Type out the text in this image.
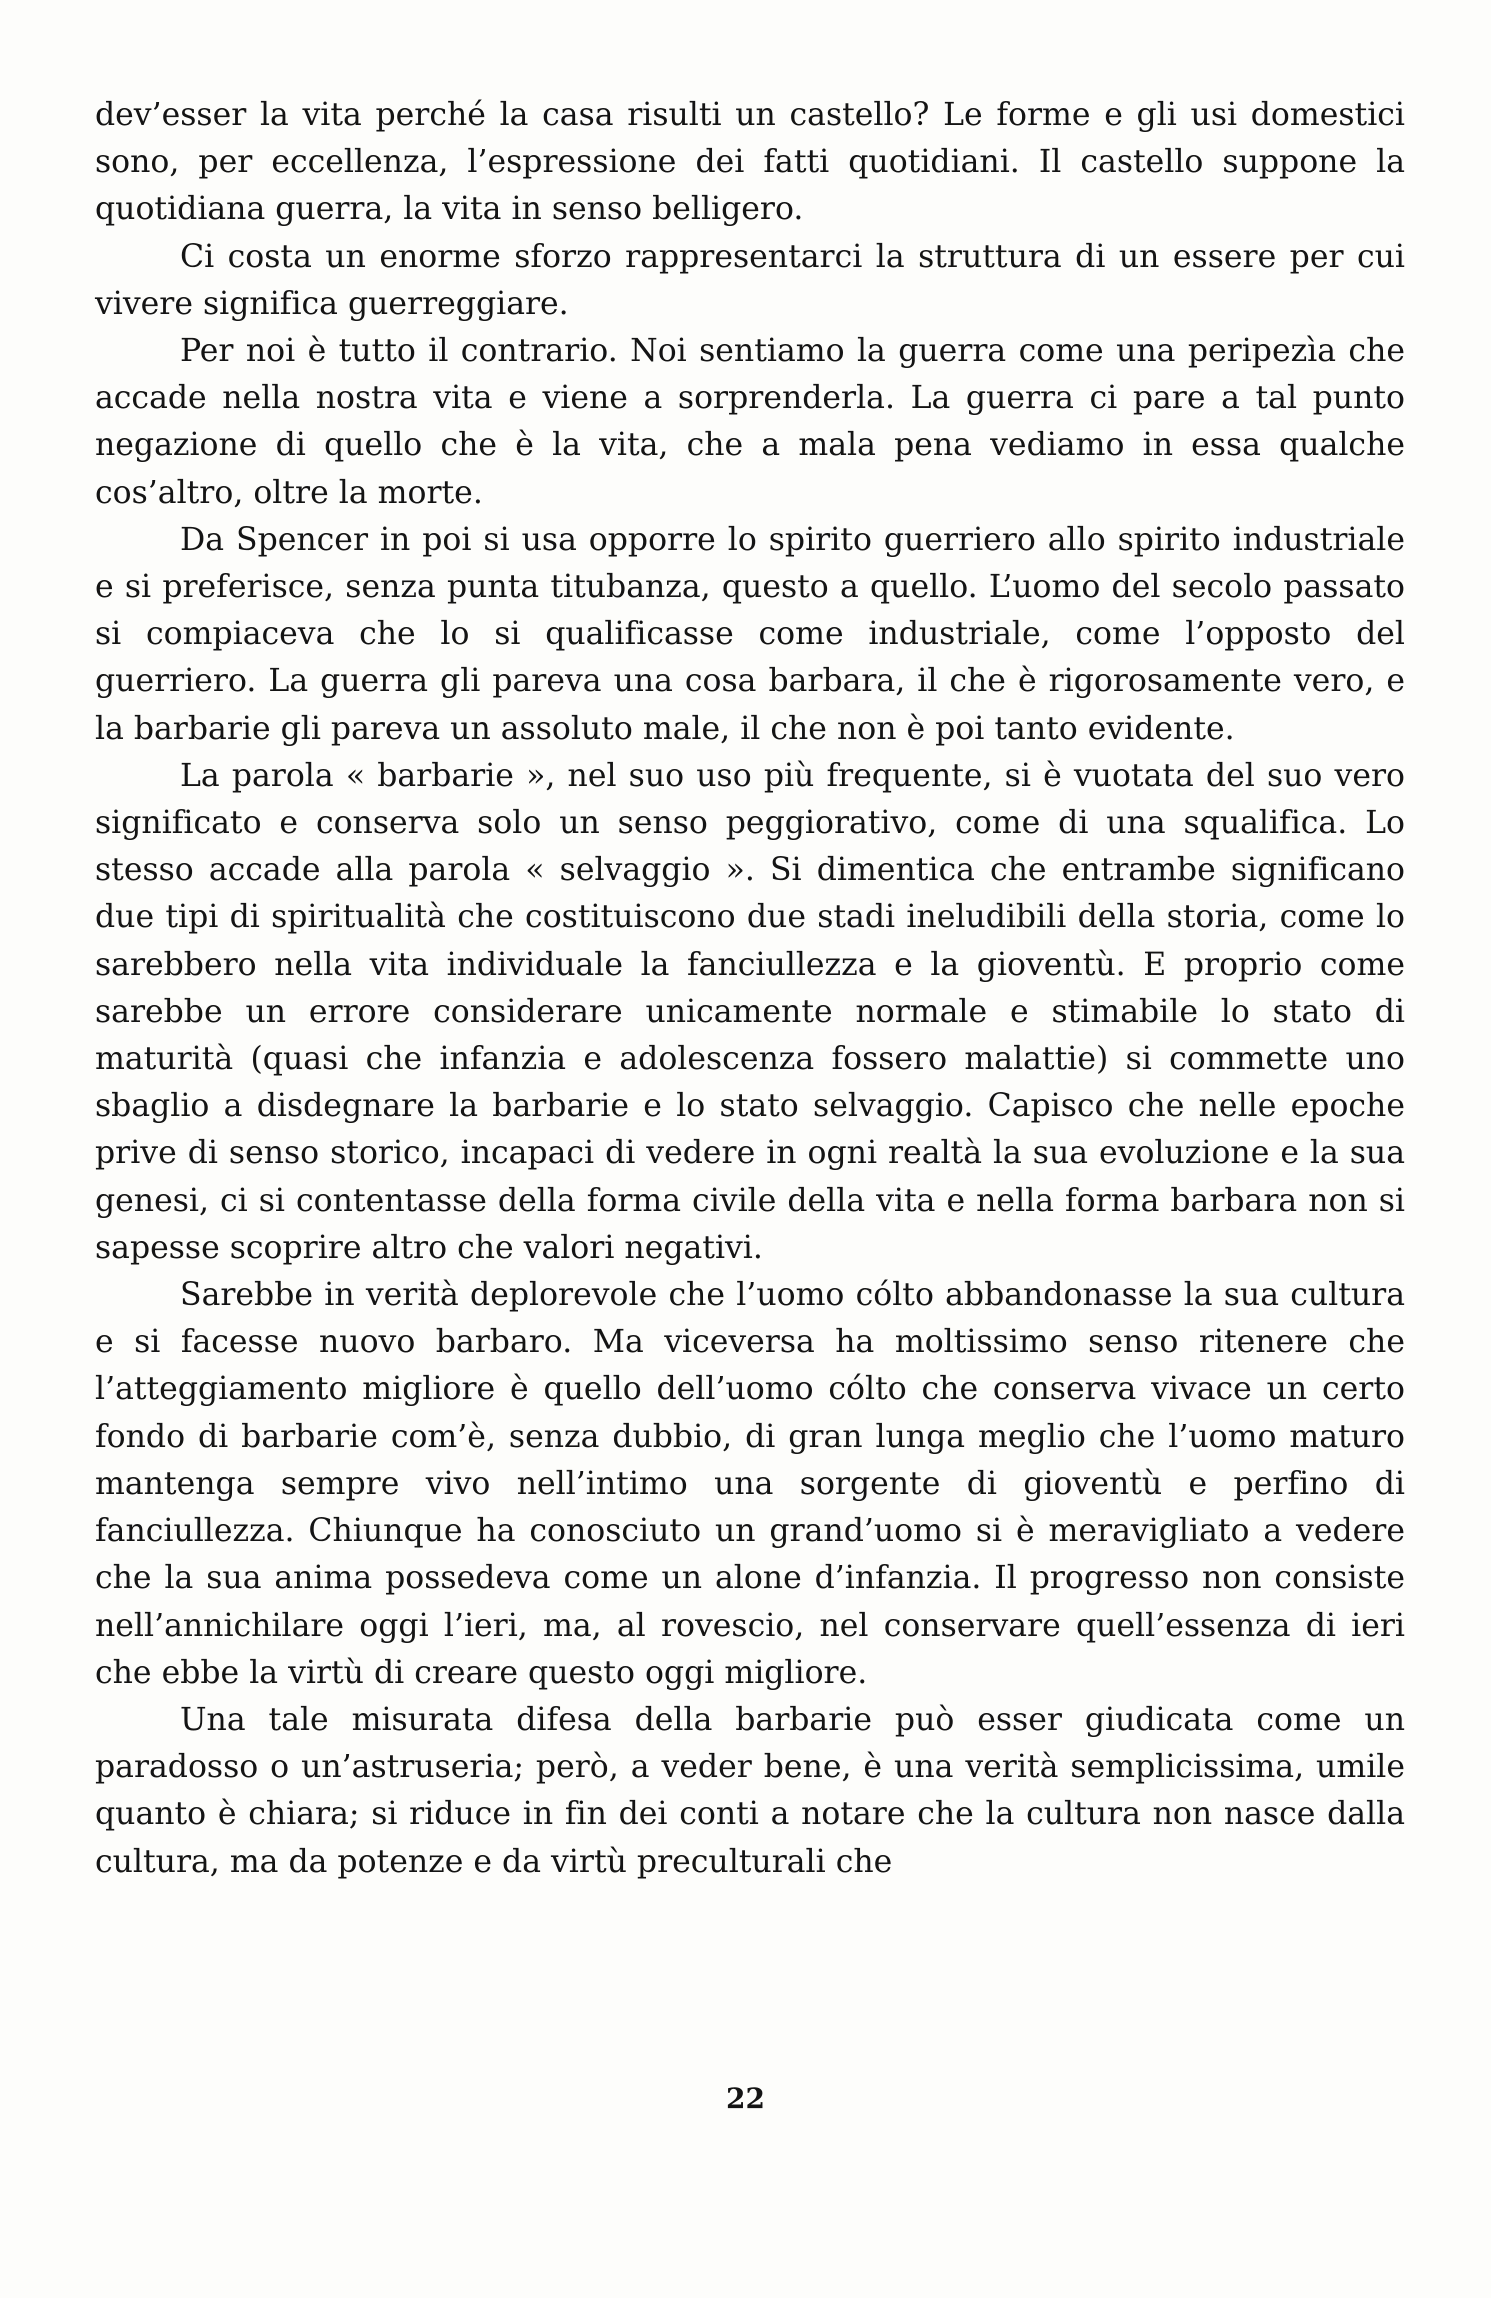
dev’esser la vita perché la casa risulti un castello? Le forme e gli usi domestici sono, per eccellenza, l’espressione dei fatti quotidiani. Il castello suppone la quotidiana guerra, la vita in senso belligero.

Ci costa un enorme sforzo rappresentarci la struttura di un essere per cui vivere significa guerreggiare.

Per noi è tutto il contrario. Noi sentiamo la guerra come una peripezìa che accade nella nostra vita e viene a sorprenderla. La guerra ci pare a tal punto negazione di quello che è la vita, che a mala pena vediamo in essa qualche cos’altro, oltre la morte.

Da Spencer in poi si usa opporre lo spirito guerriero allo spirito industriale e si preferisce, senza punta titubanza, questo a quello. L’uomo del secolo passato si compiaceva che lo si qualificasse come industriale, come l’opposto del guerriero. La guerra gli pareva una cosa barbara, il che è rigorosamente vero, e la barbarie gli pareva un assoluto male, il che non è poi tanto evidente.

La parola « barbarie », nel suo uso più frequente, si è vuotata del suo vero significato e conserva solo un senso peggiorativo, come di una squalifica. Lo stesso accade alla parola « selvaggio ». Si dimentica che entrambe significano due tipi di spiritualità che costituiscono due stadi ineludibili della storia, come lo sarebbero nella vita individuale la fanciullezza e la gioventù. E proprio come sarebbe un errore considerare unicamente normale e stimabile lo stato di maturità (quasi che infanzia e adolescenza fossero malattie) si commette uno sbaglio a disdegnare la barbarie e lo stato selvaggio. Capisco che nelle epoche prive di senso storico, incapaci di vedere in ogni realtà la sua evoluzione e la sua genesi, ci si contentasse della forma civile della vita e nella forma barbara non si sapesse scoprire altro che valori negativi.

Sarebbe in verità deplorevole che l’uomo cólto abbandonasse la sua cultura e si facesse nuovo barbaro. Ma viceversa ha moltissimo senso ritenere che l’atteggiamento migliore è quello dell’uomo cólto che conserva vivace un certo fondo di barbarie com’è, senza dubbio, di gran lunga meglio che l’uomo maturo mantenga sempre vivo nell’intimo una sorgente di gioventù e perfino di fanciullezza. Chiunque ha conosciuto un grand’uomo si è meravigliato a vedere che la sua anima possedeva come un alone d’infanzia. Il progresso non consiste nell’annichilare oggi l’ieri, ma, al rovescio, nel conservare quell’essenza di ieri che ebbe la virtù di creare questo oggi migliore.

Una tale misurata difesa della barbarie può esser giudicata come un paradosso o un’astruseria; però, a veder bene, è una verità semplicissima, umile quanto è chiara; si riduce in fin dei conti a notare che la cultura non nasce dalla cultura, ma da potenze e da virtù preculturali che

22
